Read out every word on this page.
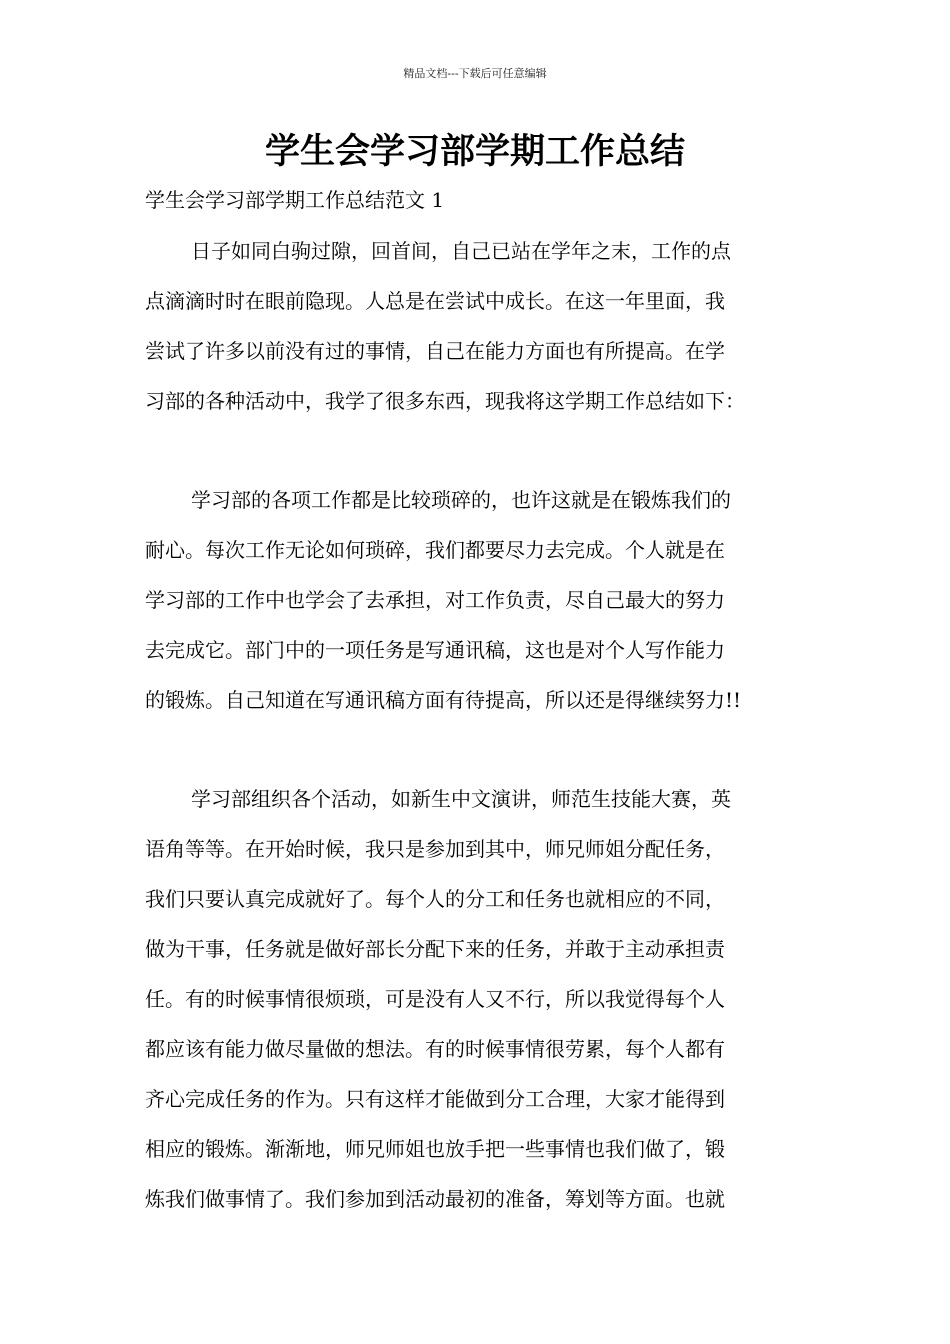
精品文档---下载后可任意编辑
学生会学习部学期工作总结

学生会学习部学期工作总结范文 1

日子如同白驹过隙，回首间，自己已站在学年之末，工作的点
点滴滴时时在眼前隐现。人总是在尝试中成长。在这一年里面，我
尝试了许多以前没有过的事情，自己在能力方面也有所提高。在学
习部的各种活动中，我学了很多东西，现我将这学期工作总结如下：
学习部的各项工作都是比较琐碎的，也许这就是在锻炼我们的
耐心。每次工作无论如何琐碎，我们都要尽力去完成。个人就是在
学习部的工作中也学会了去承担，对工作负责，尽自己最大的努力
去完成它。部门中的一项任务是写通讯稿，这也是对个人写作能力
的锻炼。自己知道在写通讯稿方面有待提高，所以还是得继续努力!!
学习部组织各个活动，如新生中文演讲，师范生技能大赛，英
语角等等。在开始时候，我只是参加到其中，师兄师姐分配任务，
我们只要认真完成就好了。每个人的分工和任务也就相应的不同，
做为干事，任务就是做好部长分配下来的任务，并敢于主动承担责
任。有的时候事情很烦琐，可是没有人又不行，所以我觉得每个人
都应该有能力做尽量做的想法。有的时候事情很劳累，每个人都有
齐心完成任务的作为。只有这样才能做到分工合理，大家才能得到
相应的锻炼。渐渐地，师兄师姐也放手把一些事情也我们做了，锻
炼我们做事情了。我们参加到活动最初的准备，筹划等方面。也就
